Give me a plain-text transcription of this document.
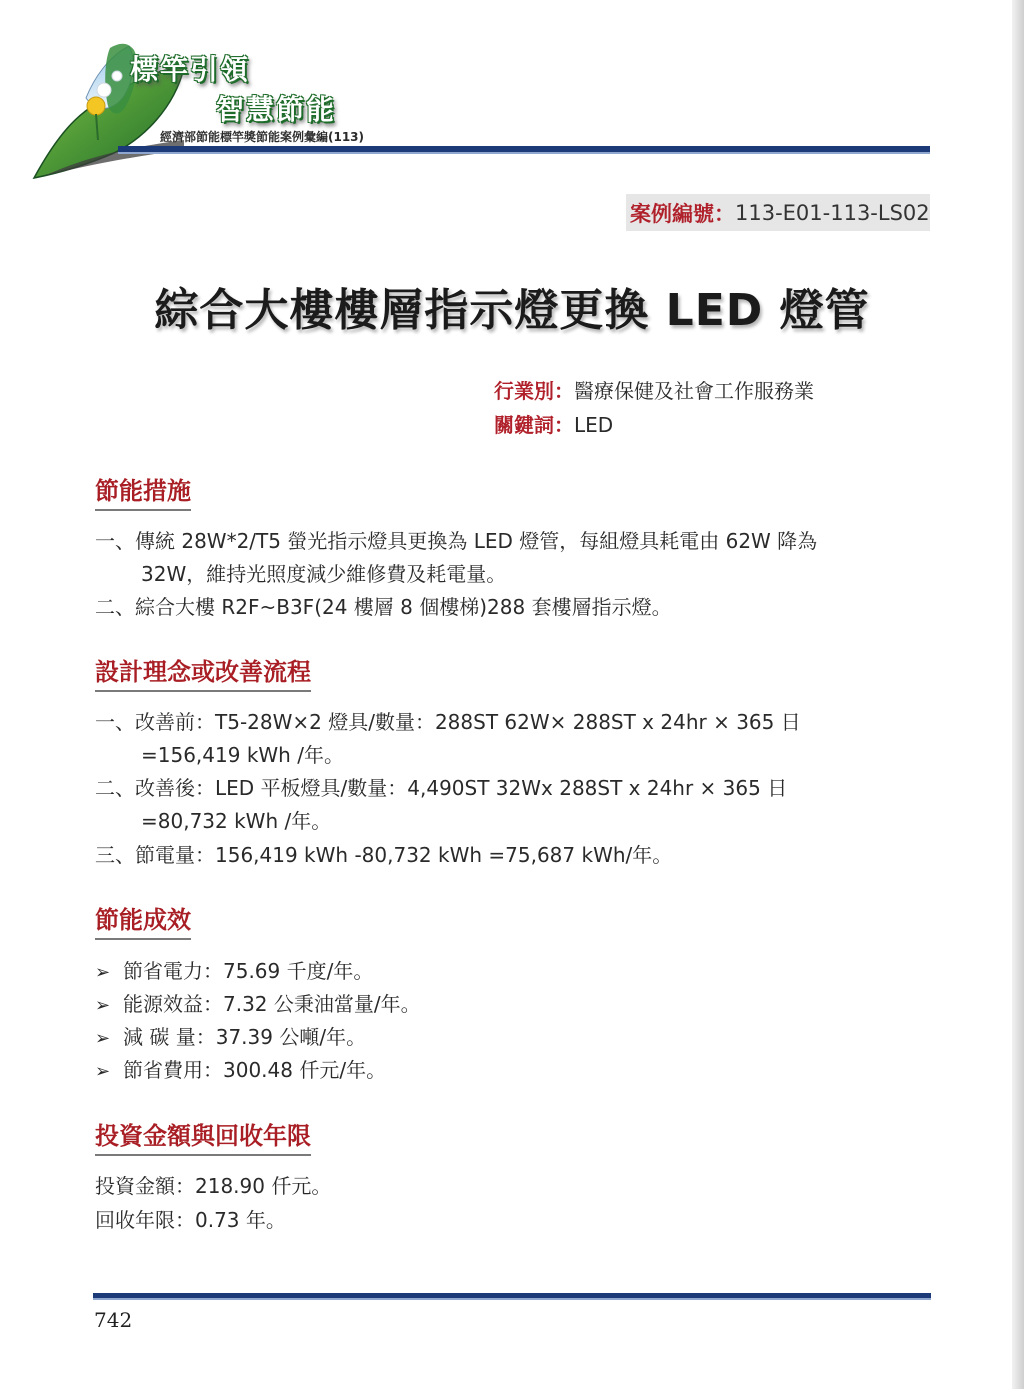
標竿引領
智慧節能
經濟部節能標竿獎節能案例彙編(113)
案例編號： 113-E01-113-LS02
綜合大樓樓層指示燈更換 LED 燈管
行業別：醫療保健及社會工作服務業
關鍵詞：LED
節能措施
一、傳統 28W*2/T5 螢光指示燈具更換為 LED 燈管，每組燈具耗電由 62W 降為
32W，維持光照度減少維修費及耗電量。
二、綜合大樓 R2F~B3F(24 樓層 8 個樓梯)288 套樓層指示燈。
設計理念或改善流程
一、改善前：T5-28W×2 燈具/數量：288ST 62W× 288ST x 24hr × 365 日
=156,419 kWh /年。
二、改善後：LED 平板燈具/數量：4,490ST 32Wx 288ST x 24hr × 365 日
=80,732 kWh /年。
三、節電量：156,419 kWh -80,732 kWh =75,687 kWh/年。
節能成效
➢ 節省電力：75.69 千度/年。
➢ 能源效益：7.32 公秉油當量/年。
➢ 減 碳 量：37.39 公噸/年。
➢ 節省費用：300.48 仟元/年。
投資金額與回收年限
投資金額：218.90 仟元。
回收年限：0.73 年。
742
